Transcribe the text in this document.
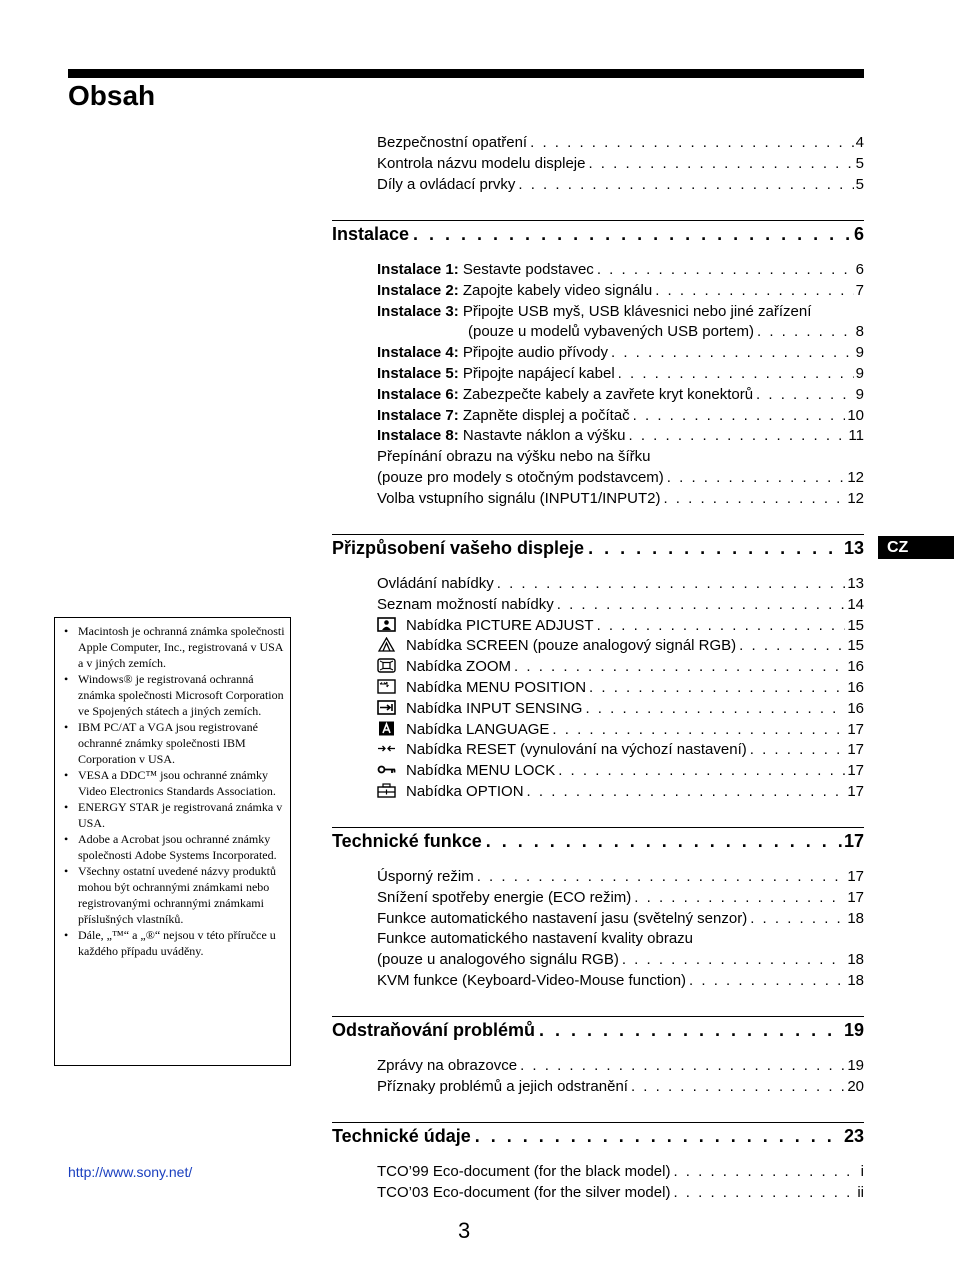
Obsah
CZ
Bezpečnostní opatření . . .	4
Kontrola názvu modelu displeje . . .	5
Díly a ovládací prvky . . .	5
Instalace . . .	6
Instalace 1: Sestavte podstavec . . .	6
Instalace 2: Zapojte kabely video signálu . . .	7
Instalace 3: Připojte USB myš, USB klávesnici nebo jiné zařízení
(pouze u modelů vybavených USB portem) . . .	8
Instalace 4: Připojte audio přívody . . .	9
Instalace 5: Připojte napájecí kabel . . .	9
Instalace 6: Zabezpečte kabely a zavřete kryt konektorů . . .	9
Instalace 7: Zapněte displej a počítač . . .	10
Instalace 8: Nastavte náklon a výšku . . .	11
Přepínání obrazu na výšku nebo na šířku
(pouze pro modely s otočným podstavcem) . . .	12
Volba vstupního signálu (INPUT1/INPUT2) . . .	12
Přizpůsobení vašeho displeje . . .	13
Ovládání nabídky . . .	13
Seznam možností nabídky . . .	14
Nabídka PICTURE ADJUST . . .	15
Nabídka SCREEN (pouze analogový signál RGB) . . .	15
Nabídka ZOOM . . .	16
Nabídka MENU POSITION . . .	16
Nabídka INPUT SENSING . . .	16
Nabídka LANGUAGE . . .	17
Nabídka RESET (vynulování na výchozí nastavení) . . .	17
Nabídka MENU LOCK . . .	17
Nabídka OPTION . . .	17
Technické funkce . . .	17
Úsporný režim . . .	17
Snížení spotřeby energie (ECO režim) . . .	17
Funkce automatického nastavení jasu (světelný senzor) . . .	18
Funkce automatického nastavení kvality obrazu
(pouze u analogového signálu RGB) . . .	18
KVM funkce (Keyboard-Video-Mouse function) . . .	18
Odstraňování problémů . . .	19
Zprávy na obrazovce . . .	19
Příznaky problémů a jejich odstranění . . .	20
Technické údaje . . .	23
TCO’99 Eco-document (for the black model) . . .	i
TCO’03 Eco-document (for the silver model) . . .	ii
• Macintosh je ochranná známka společnosti Apple Computer, Inc., registrovaná v USA a v jiných zemích.
• Windows® je registrovaná ochranná známka společnosti Microsoft Corporation ve Spojených státech a jiných zemích.
• IBM PC/AT a VGA jsou registrované ochranné známky společnosti IBM Corporation v USA.
• VESA a DDC™ jsou ochranné známky Video Electronics Standards Association.
• ENERGY STAR je registrovaná známka v USA.
• Adobe a Acrobat jsou ochranné známky společnosti Adobe Systems Incorporated.
• Všechny ostatní uvedené názvy produktů mohou být ochrannými známkami nebo registrovanými ochrannými známkami příslušných vlastníků.
• Dále, „™“ a „®“ nejsou v této příručce u každého případu uváděny.
http://www.sony.net/
3
